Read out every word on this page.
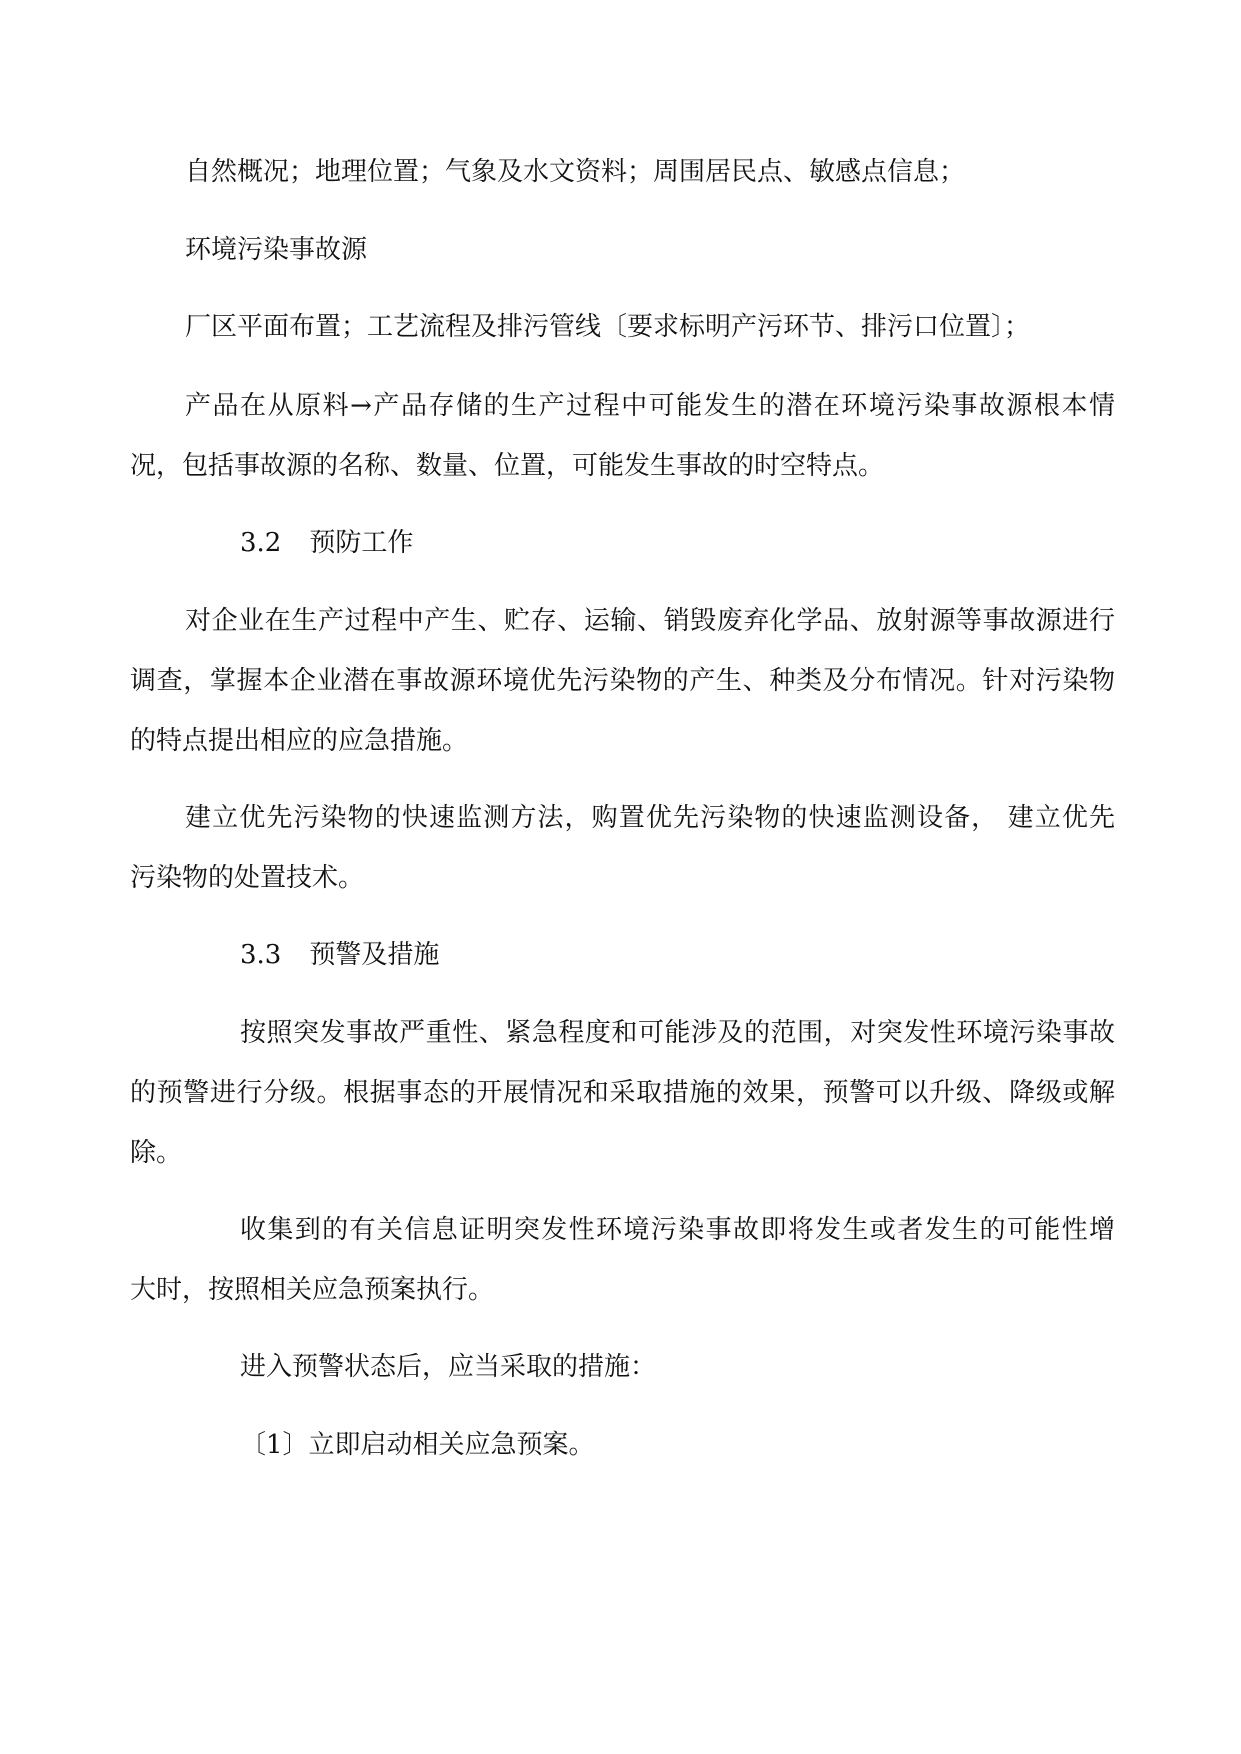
自然概况；地理位置；气象及水文资料；周围居民点、敏感点信息；
环境污染事故源
厂区平面布置；工艺流程及排污管线〔要求标明产污环节、排污口位置〕；
产品在从原料→产品存储的生产过程中可能发生的潜在环境污染事故源根本情
况，包括事故源的名称、数量、位置，可能发生事故的时空特点。
3.2 预防工作
对企业在生产过程中产生、贮存、运输、销毁废弃化学品、放射源等事故源进行
调查，掌握本企业潜在事故源环境优先污染物的产生、种类及分布情况。针对污染物
的特点提出相应的应急措施。
建立优先污染物的快速监测方法，购置优先污染物的快速监测设备， 建立优先
污染物的处置技术。
3.3 预警及措施
按照突发事故严重性、紧急程度和可能涉及的范围，对突发性环境污染事故
的预警进行分级。根据事态的开展情况和采取措施的效果，预警可以升级、降级或解
除。
收集到的有关信息证明突发性环境污染事故即将发生或者发生的可能性增
大时，按照相关应急预案执行。
进入预警状态后，应当采取的措施：
〔1〕立即启动相关应急预案。
